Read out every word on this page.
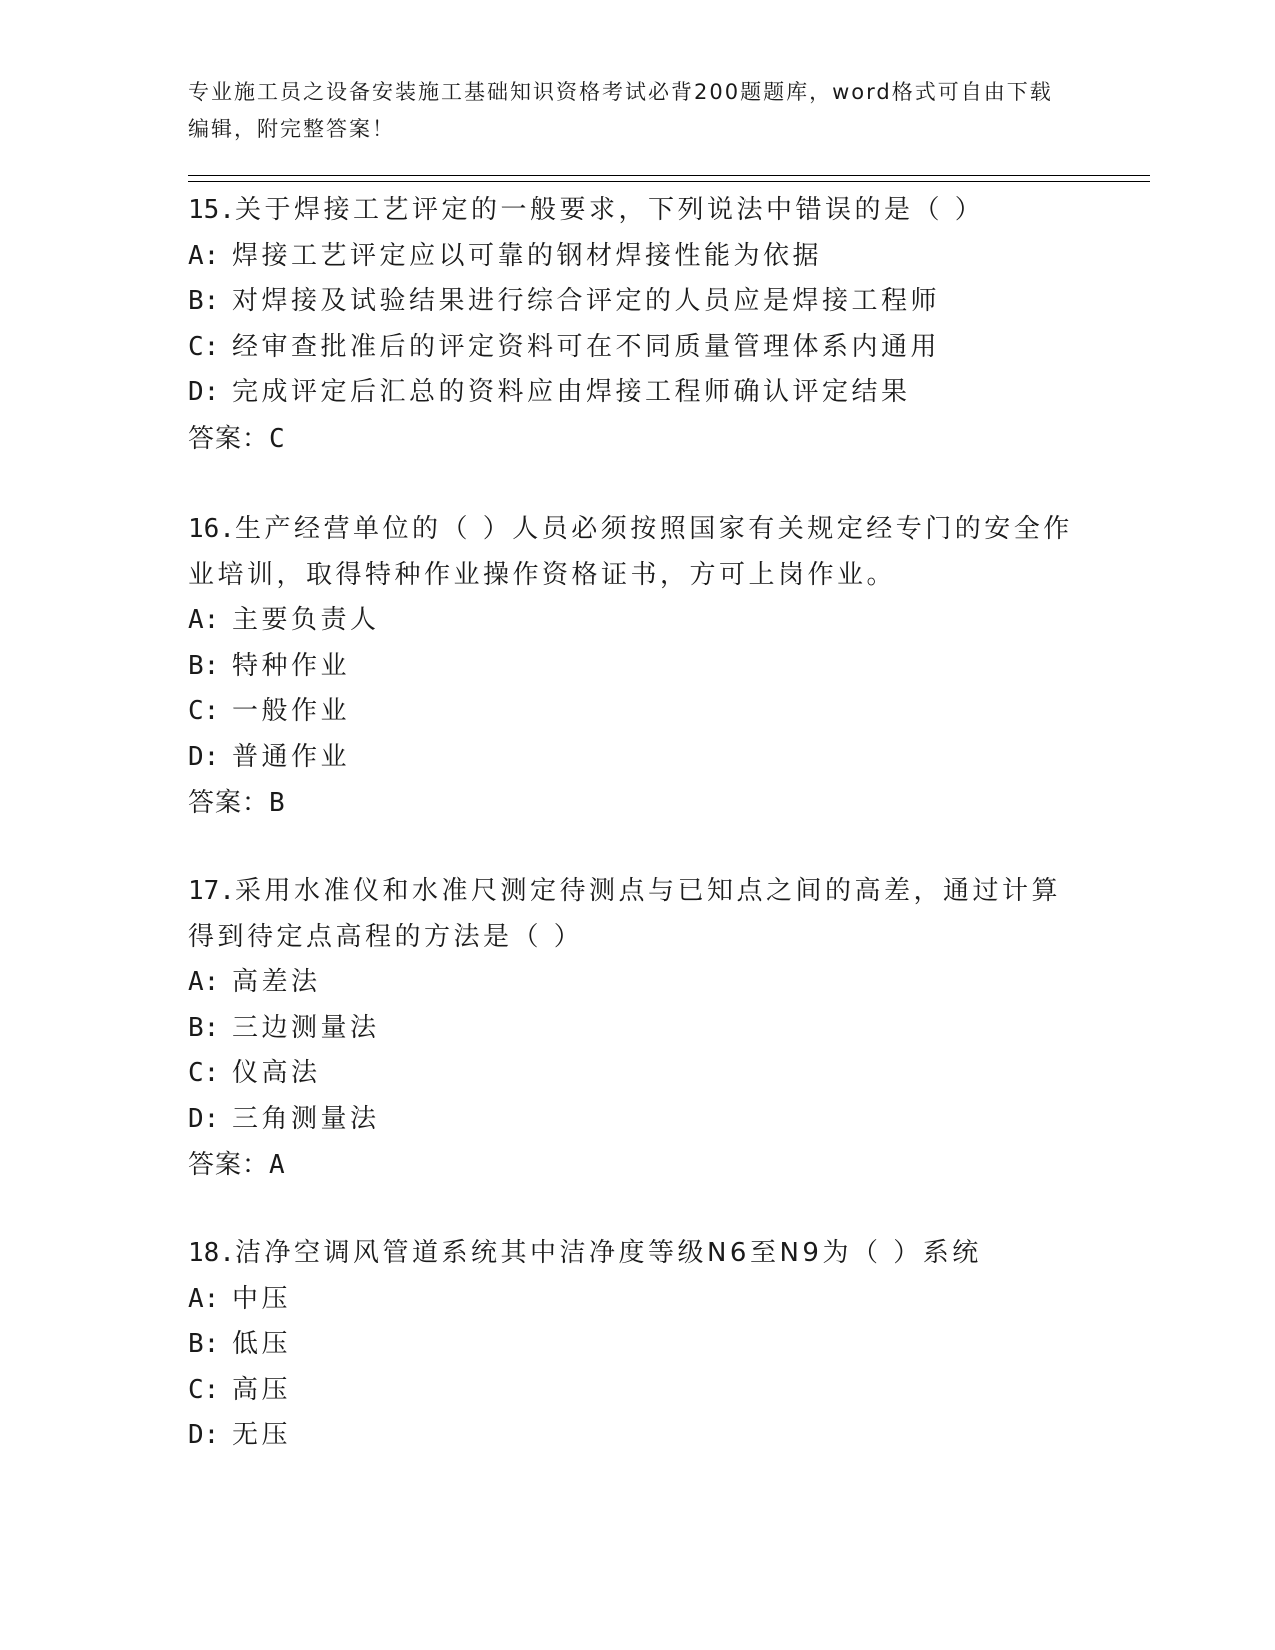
专业施工员之设备安装施工基础知识资格考试必背200题题库，word格式可自由下载编辑，附完整答案！

15.关于焊接工艺评定的一般要求，下列说法中错误的是（ ）

A: 焊接工艺评定应以可靠的钢材焊接性能为依据

B: 对焊接及试验结果进行综合评定的人员应是焊接工程师

C: 经审查批准后的评定资料可在不同质量管理体系内通用

D: 完成评定后汇总的资料应由焊接工程师确认评定结果

答案：C

16.生产经营单位的（ ）人员必须按照国家有关规定经专门的安全作业培训，取得特种作业操作资格证书，方可上岗作业。

A: 主要负责人

B: 特种作业

C: 一般作业

D: 普通作业

答案：B

17.采用水准仪和水准尺测定待测点与已知点之间的高差，通过计算得到待定点高程的方法是（ ）

A: 高差法

B: 三边测量法

C: 仪高法

D: 三角测量法

答案：A

18.洁净空调风管道系统其中洁净度等级N6至N9为（ ）系统

A: 中压

B: 低压

C: 高压

D: 无压
